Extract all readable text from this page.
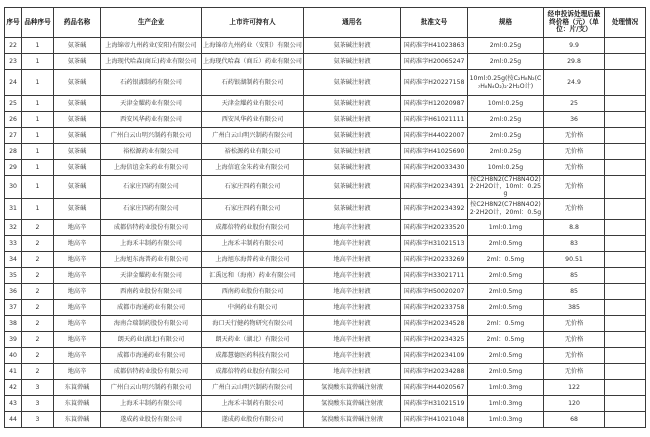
序号	品种序号	药品名称	生产企业	上市许可持有人	通用名	批准文号	规格	经申投诉处理后最终价格（元）（单位：片/支）	处理情况
22	1	氨茶碱	上海锦帝九州药业(安阳)有限公司	上海锦帝九州药业（安阳）有限公司	氨茶碱注射液	国药准字H41023863	2ml:0.25g	9.9	
23	1	氨茶碱	上海现代哈森(商丘)药业有限公司	上海现代哈森（商丘）药业有限公司	氨茶碱注射液	国药准字H20065247	2ml:0.25g	29.8	
24	1	氨茶碱	石药银湖制药有限公司	石药银湖制药有限公司	氨茶碱注射液	国药准字H20227158	10ml:0.25g(按C₂H₈N₂(C₇H₈N₄O₂)₂·2H₂O计)	24.9	
25	1	氨茶碱	天津金耀药业有限公司	天津金耀药业有限公司	氨茶碱注射液	国药准字H12020987	10ml:0.25g	25	
26	1	氨茶碱	西安风华药业有限公司	西安风华药业有限公司	氨茶碱注射液	国药准字H61021111	2ml:0.25g	36	
27	1	氨茶碱	广州白云山明兴制药有限公司	广州白云山明兴制药有限公司	氨茶碱注射液	国药准字H44022007	2ml:0.25g	无价格	
28	1	氨茶碱	裕松源药业有限公司	裕松源药业有限公司	氨茶碱注射液	国药准字H41025690	2ml:0.25g	无价格	
29	1	氨茶碱	上海信谊金朱药业有限公司	上海信谊金朱药业有限公司	氨茶碱注射液	国药准字H20033430	10ml:0.25g	无价格	
30	1	氨茶碱	石家庄四药有限公司	石家庄四药有限公司	氨茶碱注射液	国药准字H20234391	按C2H8N2(C7H8N4O2)2·2H2O计，10ml：0.25g	无价格	
31	1	氨茶碱	石家庄四药有限公司	石家庄四药有限公司	氨茶碱注射液	国药准字H20234392	按C2H8N2(C7H8N4O2)2·2H2O计，20ml：0.5g	无价格	
32	2	地高辛	成都倍特药业股份有限公司	成都倍特药业股份有限公司	地高辛注射液	国药准字H20233520	1ml:0.1mg	8.8	
33	2	地高辛	上海禾丰制药有限公司	上海禾丰制药有限公司	地高辛注射液	国药准字H31021513	2ml:0.5mg	83	
34	2	地高辛	上海旭东海普药业有限公司	上海旭东海普药业有限公司	地高辛注射液	国药准字H20233269	2ml：0.5mg	90.51	
35	2	地高辛	天津金耀药业有限公司	汇禹远和（海南）药业有限公司	地高辛注射液	国药准字H33021711	2ml:0.5mg	85	
36	2	地高辛	西南药业股份有限公司	西南药业股份有限公司	地高辛注射液	国药准字H50020207	2ml:0.5mg	85	
37	2	地高辛	成都市海通药业有限公司	中润药业有限公司	地高辛注射液	国药准字H20233758	2ml:0.5mg	385	
38	2	地高辛	海南合瑞制药股份有限公司	海口天行健药物研究有限公司	地高辛注射液	国药准字H20234528	2ml：0.5mg	无价格	
39	2	地高辛	朗天药业(湖北)有限公司	朗天药业（湖北）有限公司	地高辛注射液	国药准字H20234325	2ml：0.5mg	无价格	
40	2	地高辛	成都市海通药业有限公司	成都慧德医药科技有限公司	地高辛注射液	国药准字H20234109	2ml:0.5mg	无价格	
41	2	地高辛	成都倍特药业股份有限公司	成都倍特药业股份有限公司	地高辛注射液	国药准字H20234288	2ml:0.5mg	无价格	
42	3	东莨菪碱	广州白云山明兴制药有限公司	广州白云山明兴制药有限公司	氢溴酸东莨菪碱注射液	国药准字H44020567	1ml:0.3mg	122	
43	3	东莨菪碱	上海禾丰制药有限公司	上海禾丰制药有限公司	氢溴酸东莨菪碱注射液	国药准字H31021519	1ml:0.3mg	120	
44	3	东莨菪碱	遂成药业股份有限公司	遂成药业股份有限公司	氢溴酸东莨菪碱注射液	国药准字H41021048	1ml:0.3mg	68	
